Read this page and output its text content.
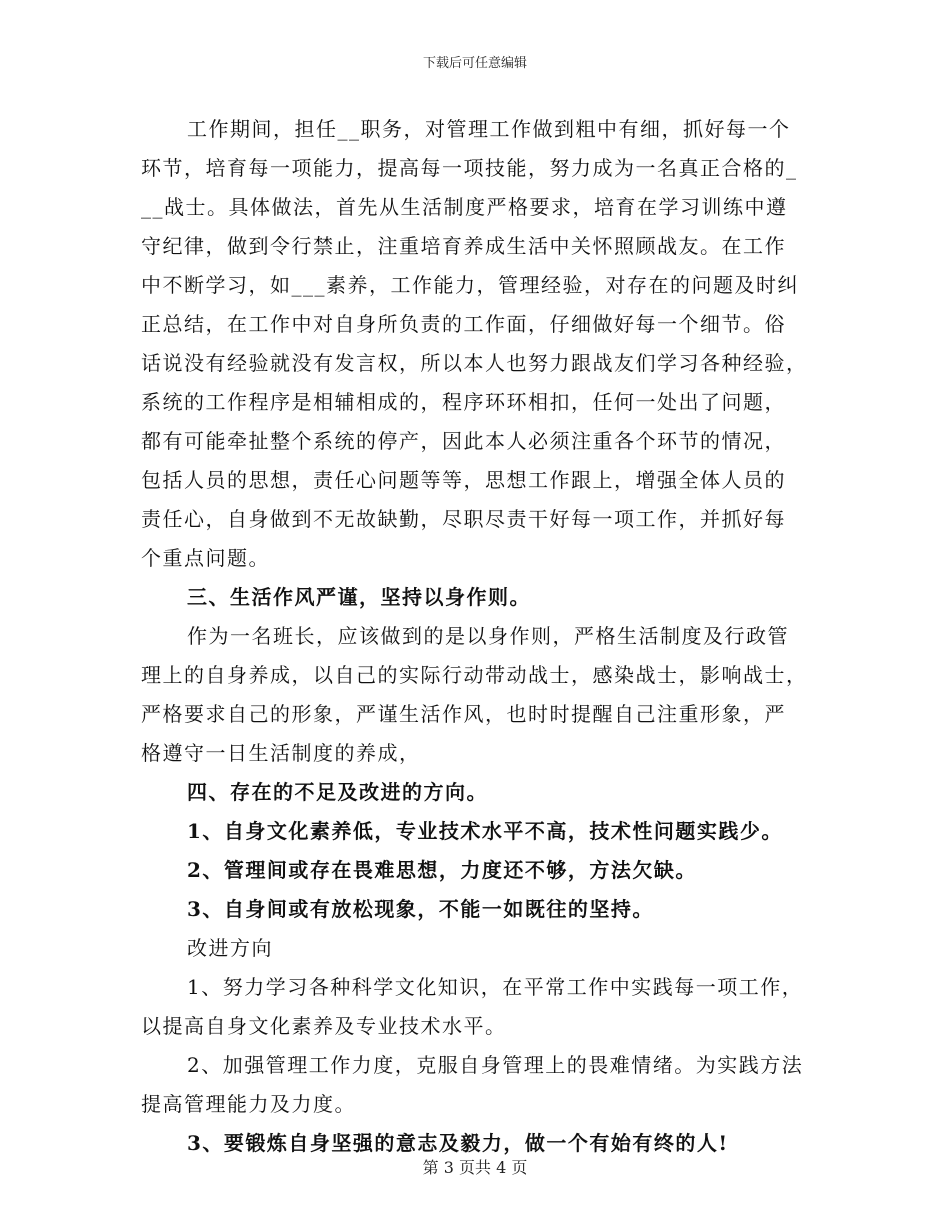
下载后可任意编辑
工作期间，担任__职务，对管理工作做到粗中有细，抓好每一个
环节，培育每一项能力，提高每一项技能，努力成为一名真正合格的_
__战士。具体做法，首先从生活制度严格要求，培育在学习训练中遵
守纪律，做到令行禁止，注重培育养成生活中关怀照顾战友。在工作
中不断学习，如___素养，工作能力，管理经验，对存在的问题及时纠
正总结，在工作中对自身所负责的工作面，仔细做好每一个细节。俗
话说没有经验就没有发言权，所以本人也努力跟战友们学习各种经验，
系统的工作程序是相辅相成的，程序环环相扣，任何一处出了问题，
都有可能牵扯整个系统的停产，因此本人必须注重各个环节的情况，
包括人员的思想，责任心问题等等，思想工作跟上，增强全体人员的
责任心，自身做到不无故缺勤，尽职尽责干好每一项工作，并抓好每
个重点问题。
三、生活作风严谨，坚持以身作则。
作为一名班长，应该做到的是以身作则，严格生活制度及行政管
理上的自身养成，以自己的实际行动带动战士，感染战士，影响战士，
严格要求自己的形象，严谨生活作风，也时时提醒自己注重形象，严
格遵守一日生活制度的养成，
四、存在的不足及改进的方向。
1、自身文化素养低，专业技术水平不高，技术性问题实践少。
2、管理间或存在畏难思想，力度还不够，方法欠缺。
3、自身间或有放松现象，不能一如既往的坚持。
改进方向
1、努力学习各种科学文化知识，在平常工作中实践每一项工作，
以提高自身文化素养及专业技术水平。
2、加强管理工作力度，克服自身管理上的畏难情绪。为实践方法
提高管理能力及力度。
3、要锻炼自身坚强的意志及毅力，做一个有始有终的人!
第 3 页共 4 页
